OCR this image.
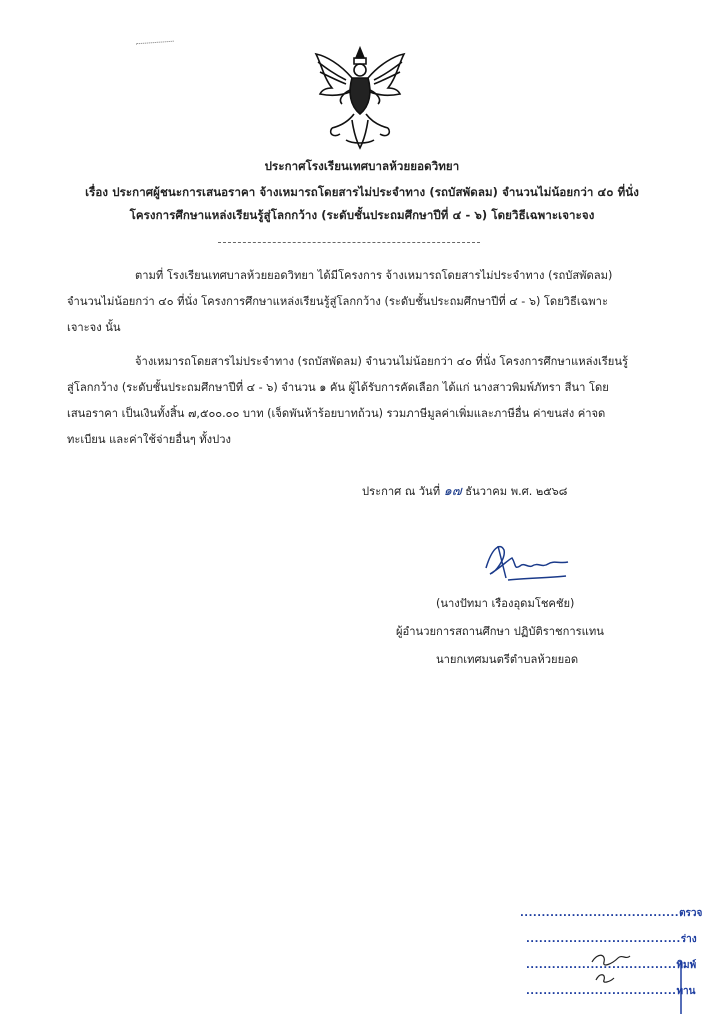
ประกาศโรงเรียนเทศบาลห้วยยอดวิทยา
เรื่อง ประกาศผู้ชนะการเสนอราคา จ้างเหมารถโดยสารไม่ประจำทาง (รถบัสพัดลม) จำนวนไม่น้อยกว่า ๔๐ ที่นั่ง
โครงการศึกษาแหล่งเรียนรู้สู่โลกกว้าง (ระดับชั้นประถมศึกษาปีที่ ๔ - ๖) โดยวิธีเฉพาะเจาะจง
ตามที่ โรงเรียนเทศบาลห้วยยอดวิทยา ได้มีโครงการ จ้างเหมารถโดยสารไม่ประจำทาง (รถบัสพัดลม)
จำนวนไม่น้อยกว่า ๔๐ ที่นั่ง โครงการศึกษาแหล่งเรียนรู้สู่โลกกว้าง (ระดับชั้นประถมศึกษาปีที่ ๔ - ๖) โดยวิธีเฉพาะ
เจาะจง นั้น
จ้างเหมารถโดยสารไม่ประจำทาง (รถบัสพัดลม) จำนวนไม่น้อยกว่า ๔๐ ที่นั่ง โครงการศึกษาแหล่งเรียนรู้
สู่โลกกว้าง (ระดับชั้นประถมศึกษาปีที่ ๔ - ๖) จำนวน ๑ คัน ผู้ได้รับการคัดเลือก ได้แก่ นางสาวพิมพ์ภัทรา สีนา โดย
เสนอราคา เป็นเงินทั้งสิ้น ๗,๕๐๐.๐๐ บาท (เจ็ดพันห้าร้อยบาทถ้วน) รวมภาษีมูลค่าเพิ่มและภาษีอื่น ค่าขนส่ง ค่าจด
ทะเบียน และค่าใช้จ่ายอื่นๆ ทั้งปวง
ประกาศ ณ วันที่ ๑๗ ธันวาคม พ.ศ. ๒๕๖๘
(นางปัทมา เรืองอุดมโชคชัย)
ผู้อำนวยการสถานศึกษา ปฏิบัติราชการแทน
นายกเทศมนตรีตำบลห้วยยอด
.....................................ตรวจ
....................................ร่าง
...................................พิมพ์
...................................ทาน
